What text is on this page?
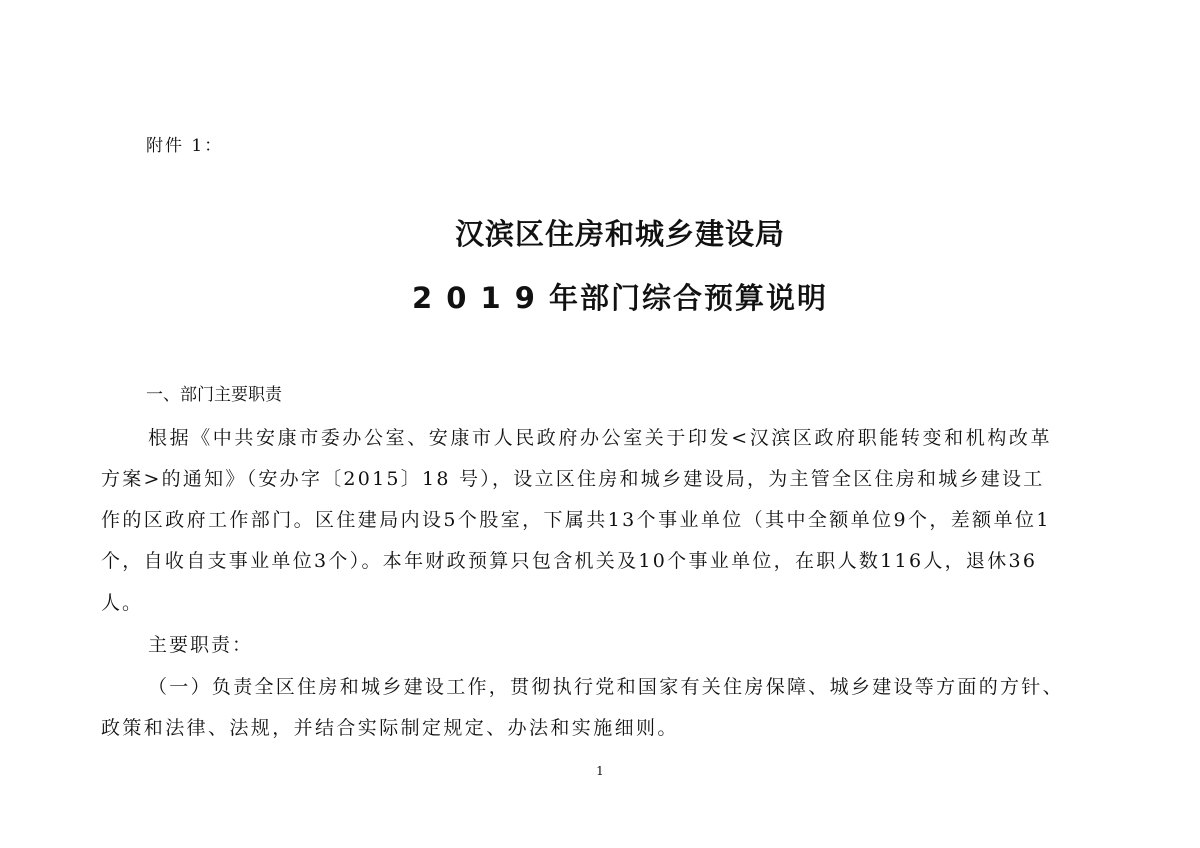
附件 1：
汉滨区住房和城乡建设局
2 0 1 9 年部门综合预算说明
一、部门主要职责
根据《中共安康市委办公室、安康市人民政府办公室关于印发<汉滨区政府职能转变和机构改革
方案>的通知》（安办字〔2015〕18 号），设立区住房和城乡建设局，为主管全区住房和城乡建设工
作的区政府工作部门。区住建局内设5个股室，下属共13个事业单位（其中全额单位9个，差额单位1
个，自收自支事业单位3个）。本年财政预算只包含机关及10个事业单位，在职人数116人，退休36
人。
主要职责：
（一）负责全区住房和城乡建设工作，贯彻执行党和国家有关住房保障、城乡建设等方面的方针、
政策和法律、法规，并结合实际制定规定、办法和实施细则。
1
